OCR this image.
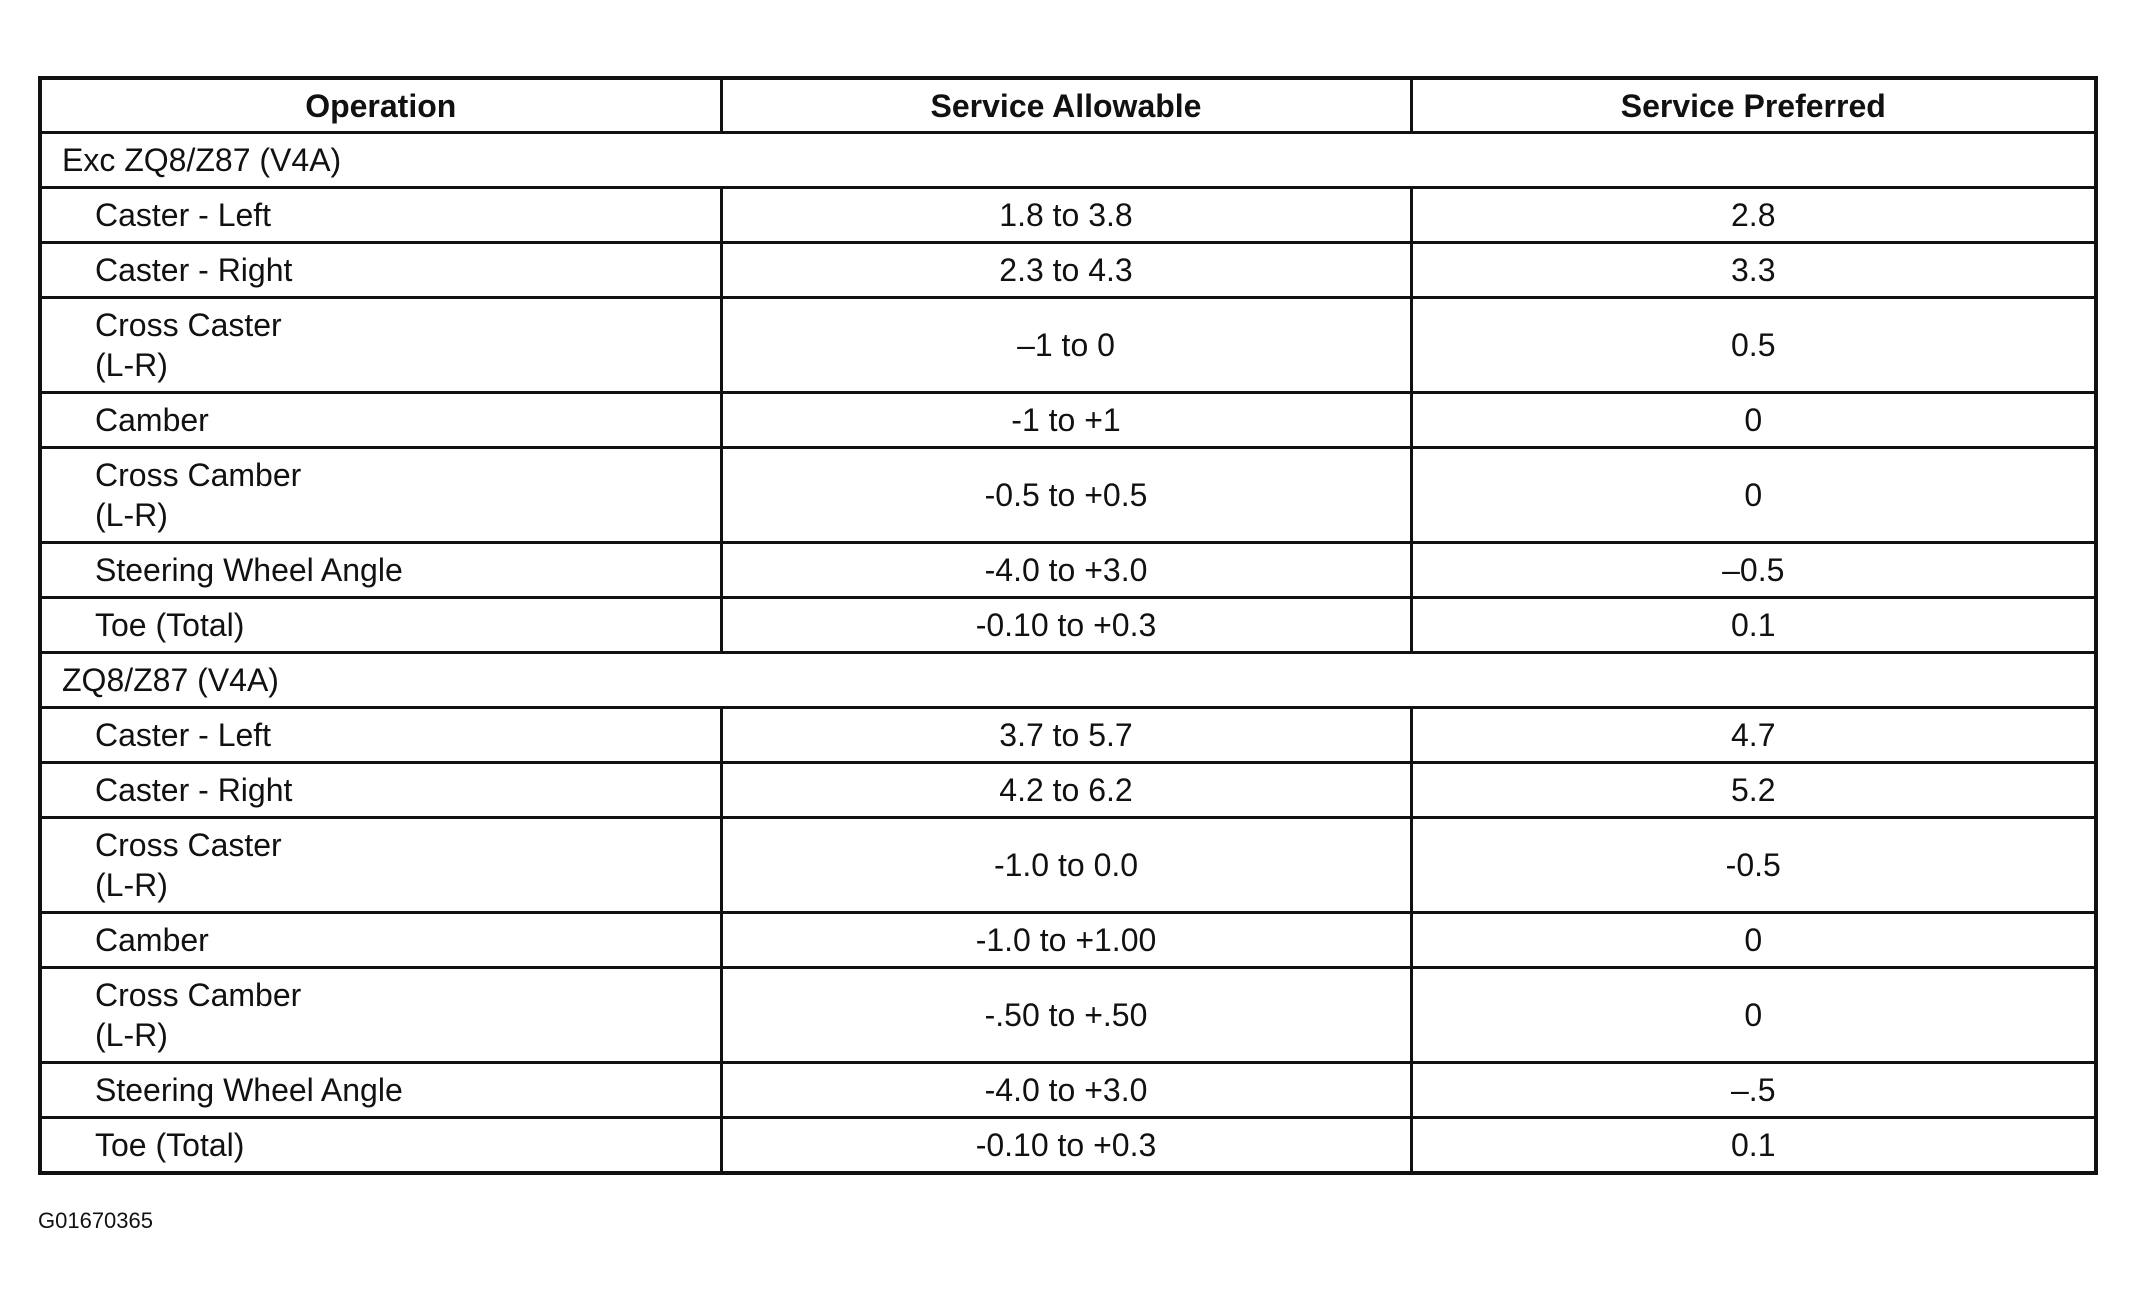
Operation	Service Allowable	Service Preferred
Exc ZQ8/Z87 (V4A)		

Caster - Left	1.8 to 3.8	2.8

Caster - Right	2.3 to 4.3	3.3

Cross Caster
(L-R)	–1 to 0	0.5

Camber	-1 to +1	0

Cross Camber
(L-R)	-0.5 to +0.5	0

Steering Wheel Angle	-4.0 to +3.0	–0.5

Toe (Total)	-0.10 to +0.3	0.1
ZQ8/Z87 (V4A)		

Caster - Left	3.7 to 5.7	4.7

Caster - Right	4.2 to 6.2	5.2

Cross Caster
(L-R)	-1.0 to 0.0	-0.5

Camber	-1.0 to +1.00	0

Cross Camber
(L-R)	-.50 to +.50	0

Steering Wheel Angle	-4.0 to +3.0	–.5

Toe (Total)	-0.10 to +0.3	0.1
G01670365
